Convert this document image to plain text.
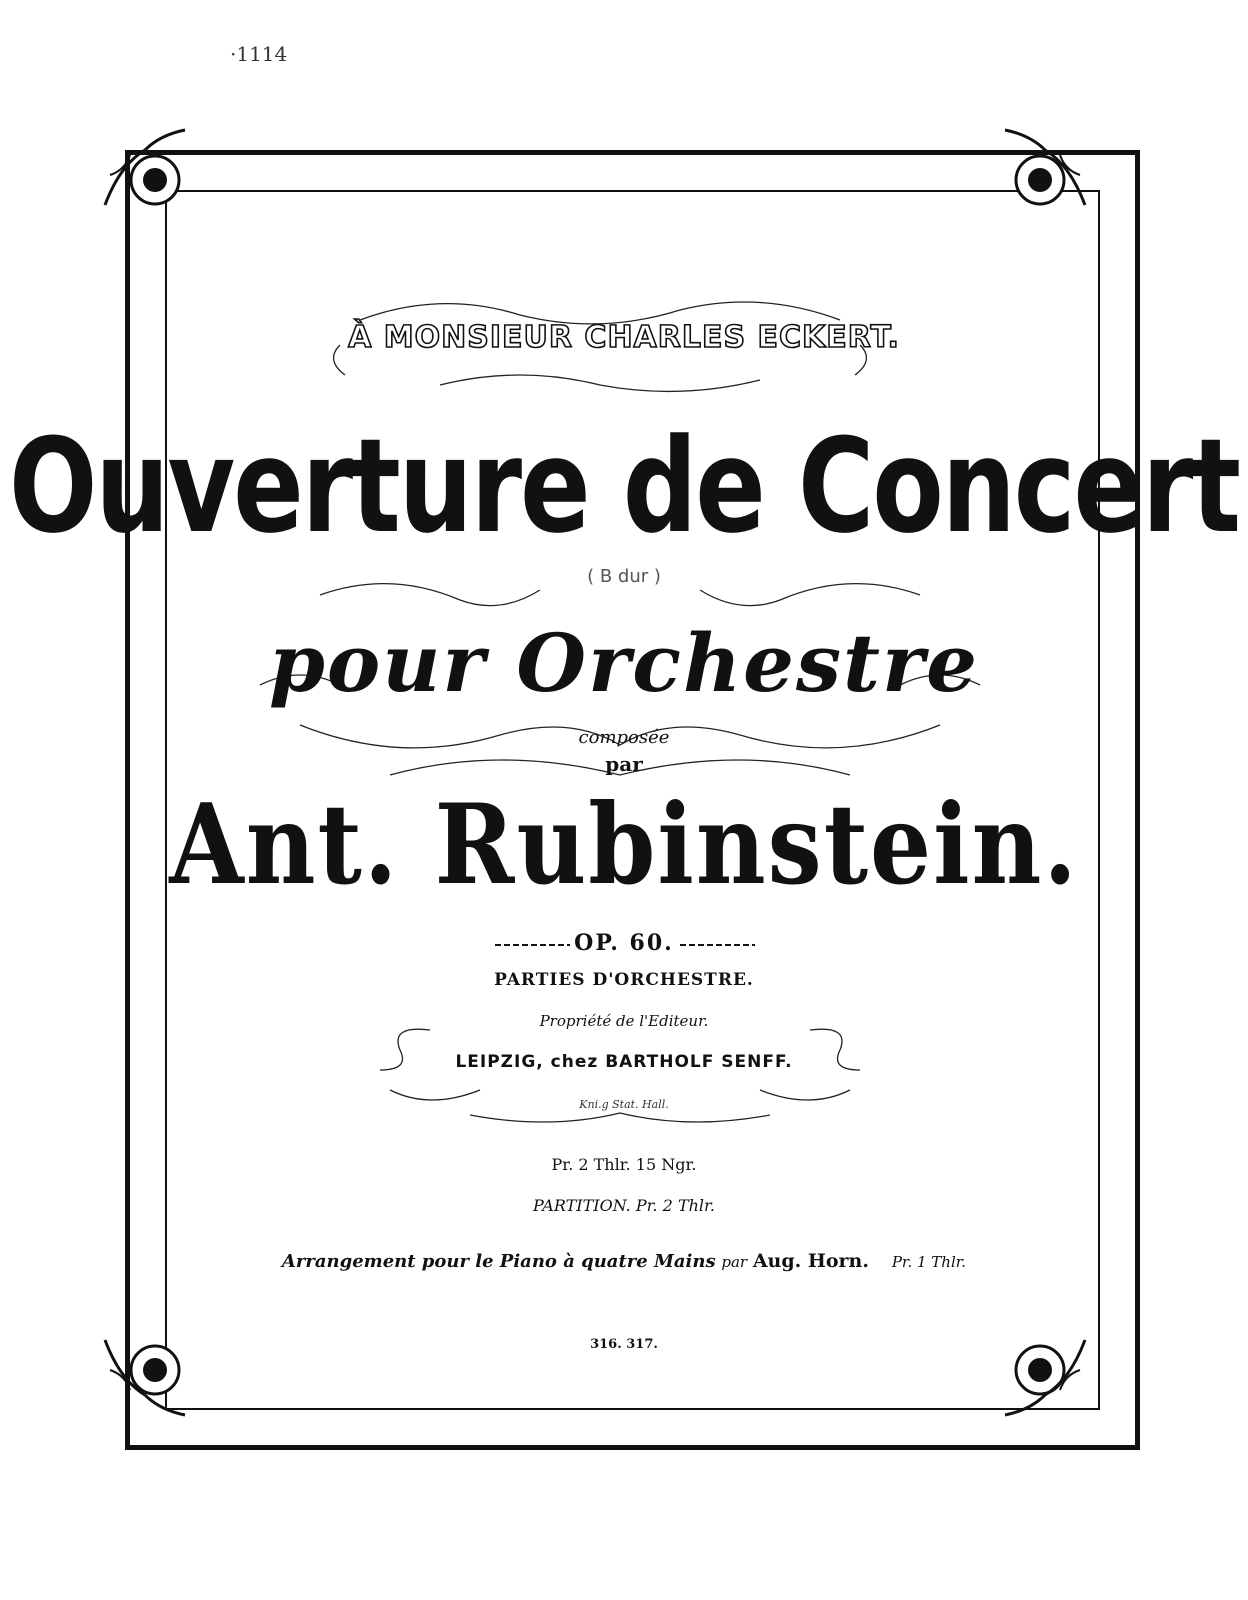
·1114
À MONSIEUR CHARLES ECKERT.
Ouverture de Concert
( B dur )
pour Orchestre
composée
par
Ant. Rubinstein.
OP. 60.
PARTIES D'ORCHESTRE.
Propriété de l'Editeur.
LEIPZIG, chez BARTHOLF SENFF.
Kni.g Stat. Hall.
Pr. 2 Thlr. 15 Ngr.
PARTITION. Pr. 2 Thlr.
Arrangement pour le Piano à quatre Mains par Aug. Horn. Pr. 1 Thlr.
316. 317.
